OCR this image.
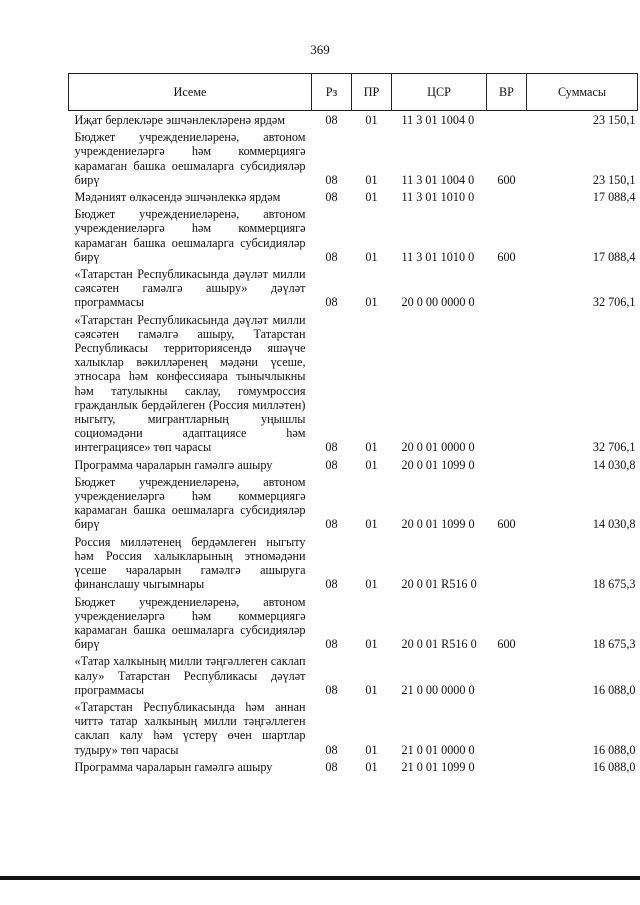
369
Исеме	Рз	ПР	ЦСР	ВР	Суммасы
Иҗат берлекләре эшчәнлекләренә ярдәм	08	01	11 3 01 1004 0		23 150,1
Бюджет учреждениеләренә, автоном учреждениеләргә һәм коммерциягә карамаган башка оешмаларга субсидияләр бирү	08	01	11 3 01 1004 0	600	23 150,1
Мәдәният өлкәсендә эшчәнлеккә ярдәм	08	01	11 3 01 1010 0		17 088,4
Бюджет учреждениеләренә, автоном учреждениеләргә һәм коммерциягә карамаган башка оешмаларга субсидияләр бирү	08	01	11 3 01 1010 0	600	17 088,4
«Татарстан Республикасында дәүләт милли сәясәтен гамәлгә ашыру» дәүләт программасы	08	01	20 0 00 0000 0		32 706,1
«Татарстан Республикасында дәүләт милли сәясәтен гамәлгә ашыру, Татарстан Республикасы территориясендә яшәүче халыклар вәкилләренең мәдәни үсеше, этносара һәм конфессияара тынычлыкны һәм татулыкны саклау, гомумроссия гражданлык бердәйлеген (Россия милләтен) ныгыту, мигрантларның уңышлы социомәдәни адаптациясе һәм интеграциясе» төп чарасы	08	01	20 0 01 0000 0		32 706,1
Программа чараларын гамәлгә ашыру	08	01	20 0 01 1099 0		14 030,8
Бюджет учреждениеләренә, автоном учреждениеләргә һәм коммерциягә карамаган башка оешмаларга субсидияләр бирү	08	01	20 0 01 1099 0	600	14 030,8
Россия милләтенең бердәмлеген ныгыту һәм Россия халыкларының этномәдәни үсеше чараларын гамәлгә ашыруга финанслашу чыгымнары	08	01	20 0 01 R516 0		18 675,3
Бюджет учреждениеләренә, автоном учреждениеләргә һәм коммерциягә карамаган башка оешмаларга субсидияләр бирү	08	01	20 0 01 R516 0	600	18 675,3
«Татар халкының милли тәңгәллеген саклап калу» Татарстан Республикасы дәүләт программасы	08	01	21 0 00 0000 0		16 088,0
«Татарстан Республикасында һәм аннан читтә татар халкының милли тәңгәллеген саклап калу һәм үстерү өчен шартлар тудыру» төп чарасы	08	01	21 0 01 0000 0		16 088,0
Программа чараларын гамәлгә ашыру	08	01	21 0 01 1099 0		16 088,0
